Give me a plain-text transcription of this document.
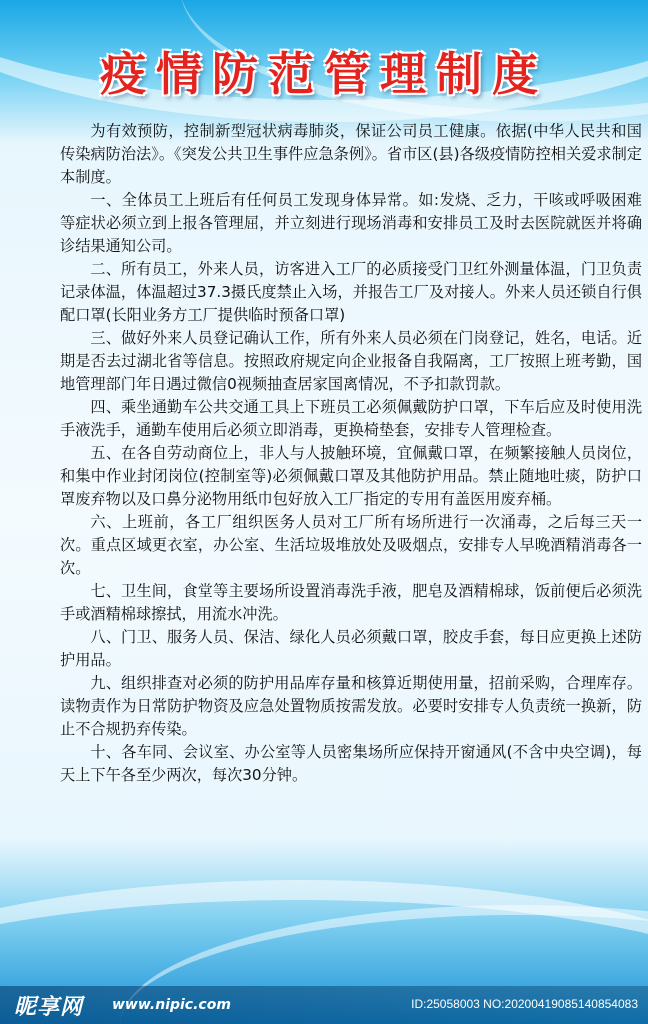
疫情防范管理制度

为有效预防，控制新型冠状病毒肺炎，保证公司员工健康。依据(中华人民共和国传染病防治法》。《突发公共卫生事件应急条例》。省市区(县)各级疫情防控相关爱求制定本制度。

一、全体员工上班后有任何员工发现身体异常。如:发烧、乏力，干咳或呼吸困难等症状必须立到上报各管理屈，并立刻进行现场消毒和安排员工及时去医院就医并将确诊结果通知公司。

二、所有员工，外来人员，访客进入工厂的必质接受门卫红外测量体温，门卫负责记录体温，体温超过37.3摄氏度禁止入场，并报告工厂及对接人。外来人员还锁自行俱配口罩(长阳业务方工厂提供临时预备口罩)

三、做好外来人员登记确认工作，所有外来人员必须在门岗登记，姓名，电话。近期是否去过湖北省等信息。按照政府规定向企业报备自我隔离，工厂按照上班考勤，国地管理部门年日遇过微信0视频抽查居家国离情况，不予扣款罚款。

四、乘坐通勤车公共交通工具上下班员工必须佩戴防护口罩，下车后应及时使用洗手液洗手，通勤车使用后必须立即消毒，更换椅垫套，安排专人管理检查。

五、在各自劳动商位上，非人与人披触环境，宜佩戴口罩，在频繁接触人员岗位，和集中作业封闭岗位(控制室等)必须佩戴口罩及其他防护用品。禁止随地吐痰，防护口罩废弃物以及口鼻分泌物用纸巾包好放入工厂指定的专用有盖医用废弃桶。

六、上班前，各工厂组织医务人员对工厂所有场所进行一次涌毒，之后每三天一次。重点区域更衣室，办公室、生活垃圾堆放处及吸烟点，安排专人早晚酒精消毒各一次。

七、卫生间，食堂等主要场所设置消毒洗手液，肥皂及酒精棉球，饭前便后必须洗手或酒精棉球擦拭，用流水冲洗。

八、门卫、服务人员、保洁、绿化人员必须戴口罩，胶皮手套，每日应更换上述防护用品。

九、组织排查对必须的防护用品库存量和核算近期使用量，招前采购，合理库存。读物责作为日常防护物资及应急处置物质按需发放。必要时安排专人负责统一换新，防止不合规扔弃传染。

十、各车同、会议室、办公室等人员密集场所应保持开窗通风(不含中央空调)，每天上下午各至少两次，每次30分钟。

昵享网 www.nipic.com	ID:25058003 NO:20200419085140854083
